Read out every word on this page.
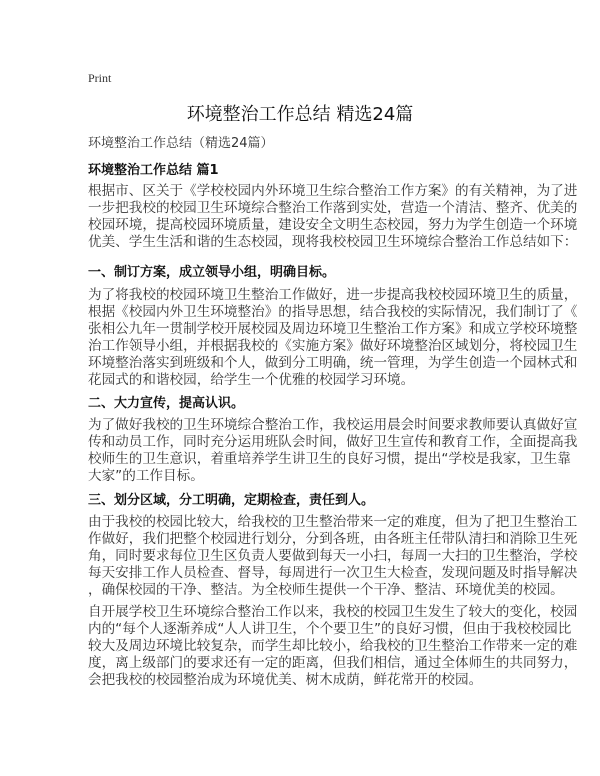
Print
环境整治工作总结 精选24篇
环境整治工作总结（精选24篇）
环境整治工作总结 篇1
根据市、区关于《学校校园内外环境卫生综合整治工作方案》的有关精神，为了进
一步把我校的校园卫生环境综合整治工作落到实处，营造一个清洁、整齐、优美的
校园环境，提高校园环境质量，建设安全文明生态校园，努力为学生创造一个环境
优美、学生生活和谐的生态校园，现将我校校园卫生环境综合整治工作总结如下：
一、制订方案，成立领导小组，明确目标。
为了将我校的校园环境卫生整治工作做好，进一步提高我校校园环境卫生的质量，
根据《校园内外卫生环境整治》的指导思想，结合我校的实际情况，我们制订了《
张相公九年一贯制学校开展校园及周边环境卫生整治工作方案》和成立学校环境整
治工作领导小组，并根据我校的《实施方案》做好环境整治区域划分，将校园卫生
环境整治落实到班级和个人，做到分工明确，统一管理，为学生创造一个园林式和
花园式的和谐校园，给学生一个优雅的校园学习环境。
二、大力宣传，提高认识。
为了做好我校的卫生环境综合整治工作，我校运用晨会时间要求教师要认真做好宣
传和动员工作，同时充分运用班队会时间，做好卫生宣传和教育工作，全面提高我
校师生的卫生意识，着重培养学生讲卫生的良好习惯，提出“学校是我家，卫生靠
大家”的工作目标。
三、划分区域，分工明确，定期检查，责任到人。
由于我校的校园比较大，给我校的卫生整治带来一定的难度，但为了把卫生整治工
作做好，我们把整个校园进行划分，分到各班，由各班主任带队清扫和消除卫生死
角，同时要求每位卫生区负责人要做到每天一小扫，每周一大扫的卫生整治，学校
每天安排工作人员检查、督导，每周进行一次卫生大检查，发现问题及时指导解决
，确保校园的干净、整洁。为全校师生提供一个干净、整洁、环境优美的校园。
自开展学校卫生环境综合整治工作以来，我校的校园卫生发生了较大的变化，校园
内的“每个人逐渐养成“人人讲卫生，个个要卫生”的良好习惯，但由于我校校园比
较大及周边环境比较复杂，而学生却比较小，给我校的卫生整治工作带来一定的难
度，离上级部门的要求还有一定的距离，但我们相信，通过全体师生的共同努力，
会把我校的校园整治成为环境优美、树木成荫，鲜花常开的校园。
